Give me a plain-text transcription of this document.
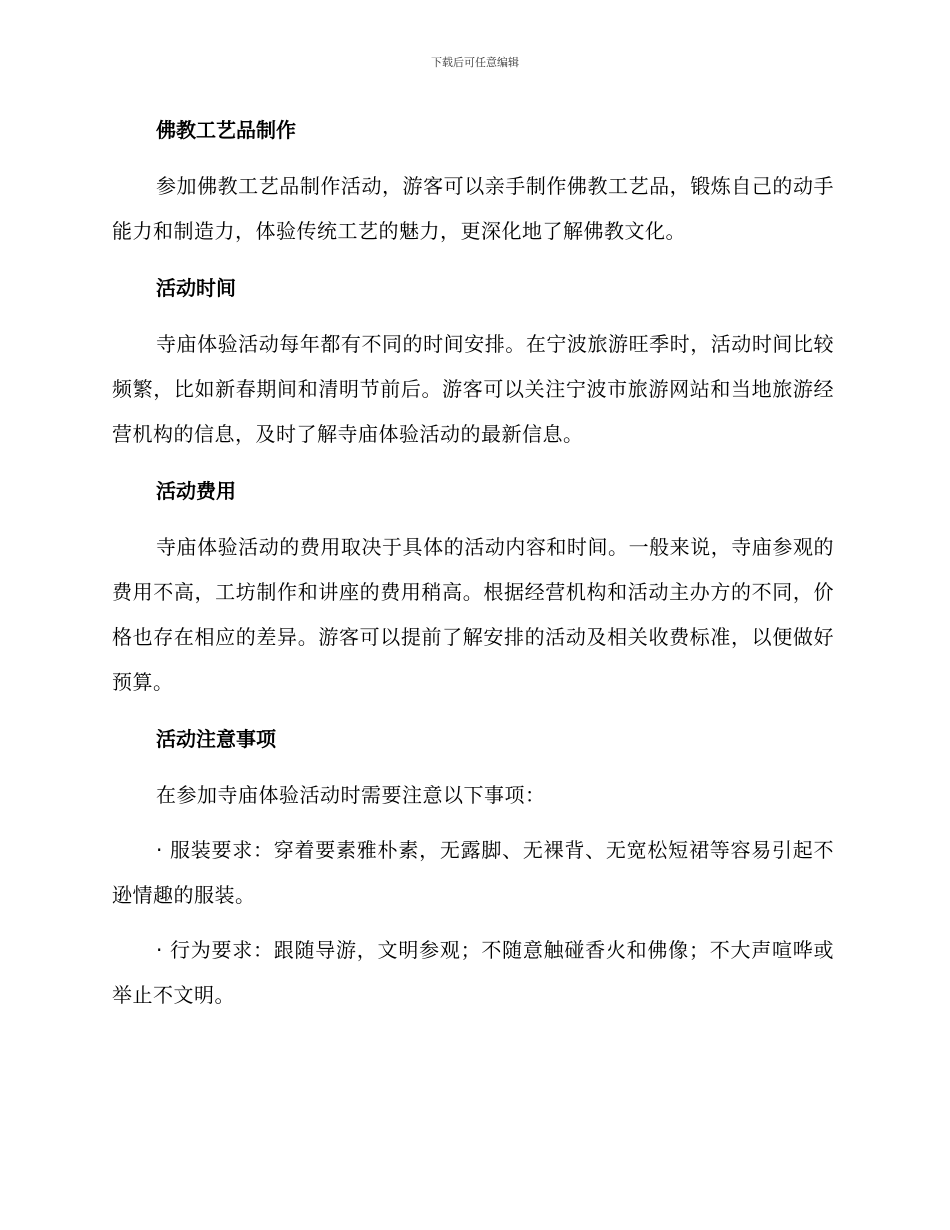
下载后可任意编辑
佛教工艺品制作

参加佛教工艺品制作活动，游客可以亲手制作佛教工艺品，锻炼自己的动手能力和制造力，体验传统工艺的魅力，更深化地了解佛教文化。

活动时间

寺庙体验活动每年都有不同的时间安排。在宁波旅游旺季时，活动时间比较频繁，比如新春期间和清明节前后。游客可以关注宁波市旅游网站和当地旅游经营机构的信息，及时了解寺庙体验活动的最新信息。

活动费用

寺庙体验活动的费用取决于具体的活动内容和时间。一般来说，寺庙参观的费用不高，工坊制作和讲座的费用稍高。根据经营机构和活动主办方的不同，价格也存在相应的差异。游客可以提前了解安排的活动及相关收费标准，以便做好预算。

活动注意事项

在参加寺庙体验活动时需要注意以下事项：

· 服装要求：穿着要素雅朴素，无露脚、无裸背、无宽松短裙等容易引起不逊情趣的服装。

· 行为要求：跟随导游，文明参观；不随意触碰香火和佛像；不大声喧哗或举止不文明。
